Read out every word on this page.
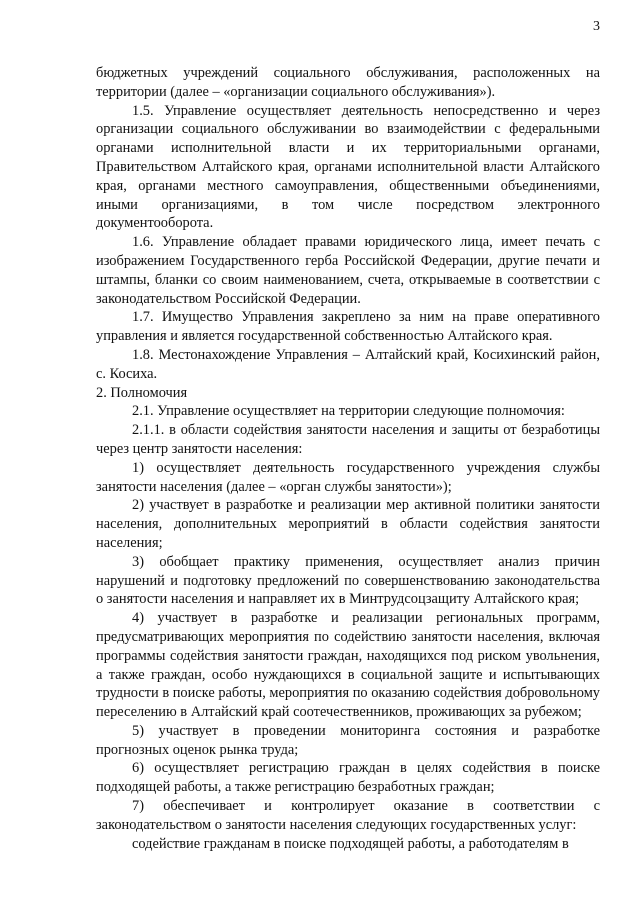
3

бюджетных учреждений социального обслуживания, расположенных на территории (далее – «организации социального обслуживания»).

1.5. Управление осуществляет деятельность непосредственно и через организации социального обслуживании во взаимодействии с федеральными органами исполнительной власти и их территориальными органами, Правительством Алтайского края, органами исполнительной власти Алтайского края, органами местного самоуправления, общественными объединениями, иными организациями, в том числе посредством электронного документооборота.

1.6. Управление обладает правами юридического лица, имеет печать с изображением Государственного герба Российской Федерации, другие печати и штампы, бланки со своим наименованием, счета, открываемые в соответствии с законодательством Российской Федерации.

1.7. Имущество Управления закреплено за ним на праве оперативного управления и является государственной собственностью Алтайского края.

1.8. Местонахождение Управления – Алтайский край, Косихинский район, с. Косиха.

2. Полномочия

2.1. Управление осуществляет на территории следующие полномочия:

2.1.1. в области содействия занятости населения и защиты от безработицы через центр занятости населения:

1) осуществляет деятельность государственного учреждения службы занятости населения (далее – «орган службы занятости»);

2) участвует в разработке и реализации мер активной политики занятости населения, дополнительных мероприятий в области содействия занятости населения;

3) обобщает практику применения, осуществляет анализ причин нарушений и подготовку предложений по совершенствованию законодательства о занятости населения и направляет их в Минтрудсоцзащиту Алтайского края;

4) участвует в разработке и реализации региональных программ, предусматривающих мероприятия по содействию занятости населения, включая программы содействия занятости граждан, находящихся под риском увольнения, а также граждан, особо нуждающихся в социальной защите и испытывающих трудности в поиске работы, мероприятия по оказанию содействия добровольному переселению в Алтайский край соотечественников, проживающих за рубежом;

5) участвует в проведении мониторинга состояния и разработке прогнозных оценок рынка труда;

6) осуществляет регистрацию граждан в целях содействия в поиске подходящей работы, а также регистрацию безработных граждан;

7) обеспечивает и контролирует оказание в соответствии с законодательством о занятости населения следующих государственных услуг:

содействие гражданам в поиске подходящей работы, а работодателям в
